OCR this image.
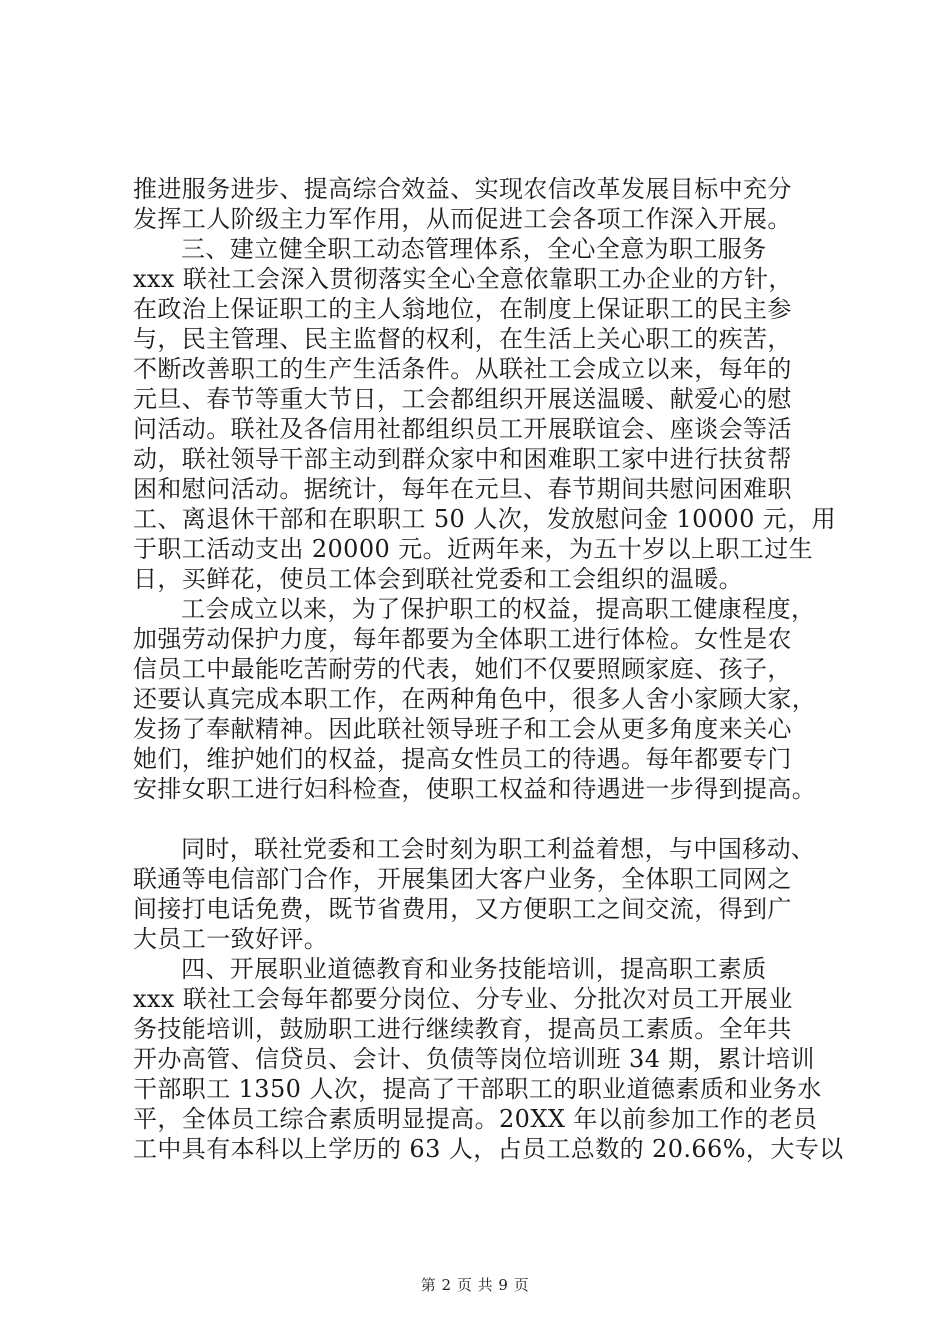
推进服务进步、提高综合效益、实现农信改革发展目标中充分
发挥工人阶级主力军作用，从而促进工会各项工作深入开展。
三、建立健全职工动态管理体系，全心全意为职工服务
xxx 联社工会深入贯彻落实全心全意依靠职工办企业的方针，
在政治上保证职工的主人翁地位，在制度上保证职工的民主参
与，民主管理、民主监督的权利，在生活上关心职工的疾苦，
不断改善职工的生产生活条件。从联社工会成立以来，每年的
元旦、春节等重大节日，工会都组织开展送温暖、献爱心的慰
问活动。联社及各信用社都组织员工开展联谊会、座谈会等活
动，联社领导干部主动到群众家中和困难职工家中进行扶贫帮
困和慰问活动。据统计，每年在元旦、春节期间共慰问困难职
工、离退休干部和在职职工 50 人次，发放慰问金 10000 元，用
于职工活动支出 20000 元。近两年来，为五十岁以上职工过生
日，买鲜花，使员工体会到联社党委和工会组织的温暖。
工会成立以来，为了保护职工的权益，提高职工健康程度，
加强劳动保护力度，每年都要为全体职工进行体检。女性是农
信员工中最能吃苦耐劳的代表，她们不仅要照顾家庭、孩子，
还要认真完成本职工作，在两种角色中，很多人舍小家顾大家，
发扬了奉献精神。因此联社领导班子和工会从更多角度来关心
她们，维护她们的权益，提高女性员工的待遇。每年都要专门
安排女职工进行妇科检查，使职工权益和待遇进一步得到提高。
同时，联社党委和工会时刻为职工利益着想，与中国移动、
联通等电信部门合作，开展集团大客户业务，全体职工同网之
间接打电话免费，既节省费用，又方便职工之间交流，得到广
大员工一致好评。
四、开展职业道德教育和业务技能培训，提高职工素质
xxx 联社工会每年都要分岗位、分专业、分批次对员工开展业
务技能培训，鼓励职工进行继续教育，提高员工素质。全年共
开办高管、信贷员、会计、负债等岗位培训班 34 期，累计培训
干部职工 1350 人次，提高了干部职工的职业道德素质和业务水
平，全体员工综合素质明显提高。20XX 年以前参加工作的老员
工中具有本科以上学历的 63 人，占员工总数的 20.66%，大专以
第 2 页 共 9 页
